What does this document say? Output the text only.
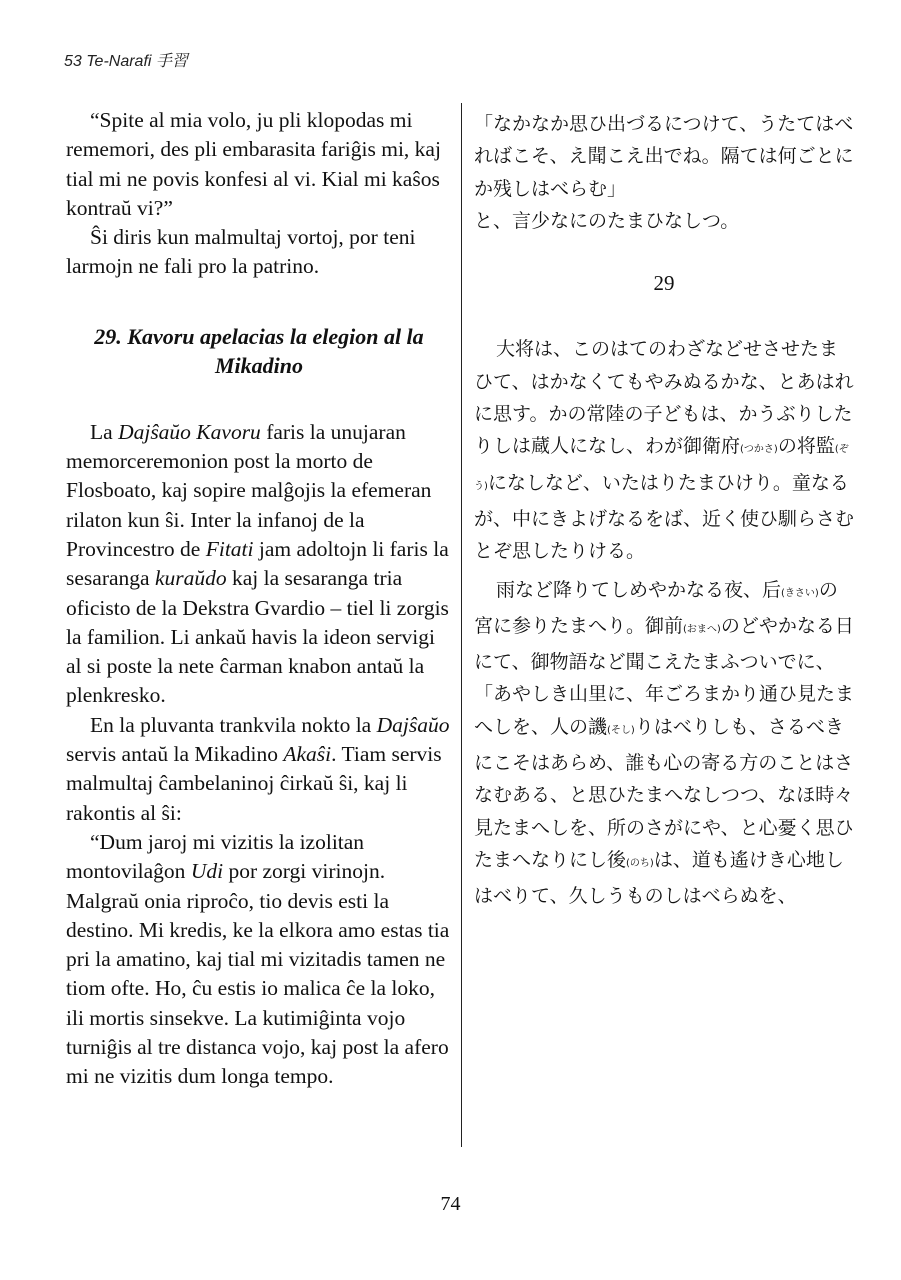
53 Te-Narafi 手習

“Spite al mia volo, ju pli klopodas mi rememori, des pli embarasita fariĝis mi, kaj tial mi ne povis konfesi al vi. Kial mi kaŝos kontraŭ vi?”

Ŝi diris kun malmultaj vortoj, por teni larmojn ne fali pro la patrino.

29. Kavoru apelacias la elegion al la Mikadino

La Dajŝaŭo Kavoru faris la unujaran memorceremonion post la morto de Flosboato, kaj sopire malĝojis la efemeran rilaton kun ŝi. Inter la infanoj de la Provincestro de Fitati jam adoltojn li faris la sesaranga kuraŭdo kaj la sesaranga tria oficisto de la Dekstra Gvardio – tiel li zorgis la familion. Li ankaŭ havis la ideon servigi al si poste la nete ĉarman knabon antaŭ la plenkresko.

En la pluvanta trankvila nokto la Dajŝaŭo servis antaŭ la Mikadino Akaŝi. Tiam servis malmultaj ĉambelaninoj ĉirkaŭ ŝi, kaj li rakontis al ŝi:

“Dum jaroj mi vizitis la izolitan montovilaĝon Udi por zorgi virinojn. Malgraŭ onia riproĉo, tio devis esti la destino. Mi kredis, ke la elkora amo estas tia pri la amatino, kaj tial mi vizitadis tamen ne tiom ofte. Ho, ĉu estis io malica ĉe la loko, ili mortis sinsekve. La kutimiĝinta vojo turniĝis al tre distanca vojo, kaj post la afero mi ne vizitis dum longa tempo.

「なかなか思ひ出づるにつけて、うたてはべればこそ、え聞こえ出でね。隔ては何ごとにか残しはべらむ」

と、言少なにのたまひなしつ。

29

大将は、このはてのわざなどせさせたまひて、はかなくてもやみぬるかな、とあはれに思す。かの常陸の子どもは、かうぶりしたりしは蔵人になし、わが御衛府(つかさ)の将監(ぞう)になしなど、いたはりたまひけり。童なるが、中にきよげなるをば、近く使ひ馴らさむとぞ思したりける。

雨など降りてしめやかなる夜、后(きさい)の宮に参りたまへり。御前(おまへ)のどやかなる日にて、御物語など聞こえたまふついでに、

「あやしき山里に、年ごろまかり通ひ見たまへしを、人の譏(そし)りはべりしも、さるべきにこそはあらめ、誰も心の寄る方のことはさなむある、と思ひたまへなしつつ、なほ時々見たまへしを、所のさがにや、と心憂く思ひたまへなりにし後(のち)は、道も遙けき心地しはべりて、久しうものしはべらぬを、

74
